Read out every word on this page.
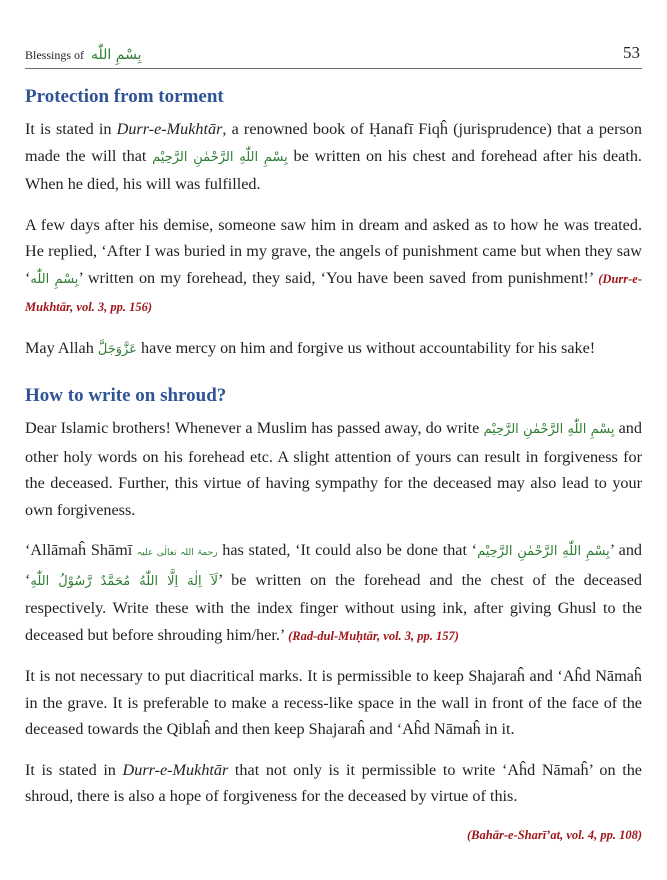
Blessings of بِسْمِ اللّٰه	53
Protection from torment

It is stated in Durr-e-Mukhtār, a renowned book of Ḥanafī Fiqĥ (jurisprudence) that a person made the will that بِسْمِ اللّٰهِ الرَّحْمٰنِ الرَّحِيْم be written on his chest and forehead after his death. When he died, his will was fulfilled.

A few days after his demise, someone saw him in dream and asked as to how he was treated. He replied, ‘After I was buried in my grave, the angels of punishment came but when they saw ‘بِسْمِ اللّٰه’ written on my forehead, they said, ‘You have been saved from punishment!’ (Durr-e-Mukhtār, vol. 3, pp. 156)

May Allah عَزَّوَجَلَّ have mercy on him and forgive us without accountability for his sake!

How to write on shroud?

Dear Islamic brothers! Whenever a Muslim has passed away, do write بِسْمِ اللّٰهِ الرَّحْمٰنِ الرَّحِيْم and other holy words on his forehead etc. A slight attention of yours can result in forgiveness for the deceased. Further, this virtue of having sympathy for the deceased may also lead to your own forgiveness.

‘Allāmaĥ Shāmī رحمۃ اللہ تعالٰی علیہ has stated, ‘It could also be done that ‘بِسْمِ اللّٰهِ الرَّحْمٰنِ الرَّحِيْم’ and ‘لَآ اِلٰهَ اِلَّا اللّٰهُ مُحَمَّدٌ رَّسُوْلُ اللّٰهِ’ be written on the forehead and the chest of the deceased respectively. Write these with the index finger without using ink, after giving Ghusl to the deceased but before shrouding him/her.’ (Rad-dul-Muḥtār, vol. 3, pp. 157)

It is not necessary to put diacritical marks. It is permissible to keep Shajaraĥ and ‘Aĥd Nāmaĥ in the grave. It is preferable to make a recess-like space in the wall in front of the face of the deceased towards the Qiblaĥ and then keep Shajaraĥ and ‘Aĥd Nāmaĥ in it.

It is stated in Durr-e-Mukhtār that not only is it permissible to write ‘Aĥd Nāmaĥ’ on the shroud, there is also a hope of forgiveness for the deceased by virtue of this.

(Bahār-e-Sharī’at, vol. 4, pp. 108)
